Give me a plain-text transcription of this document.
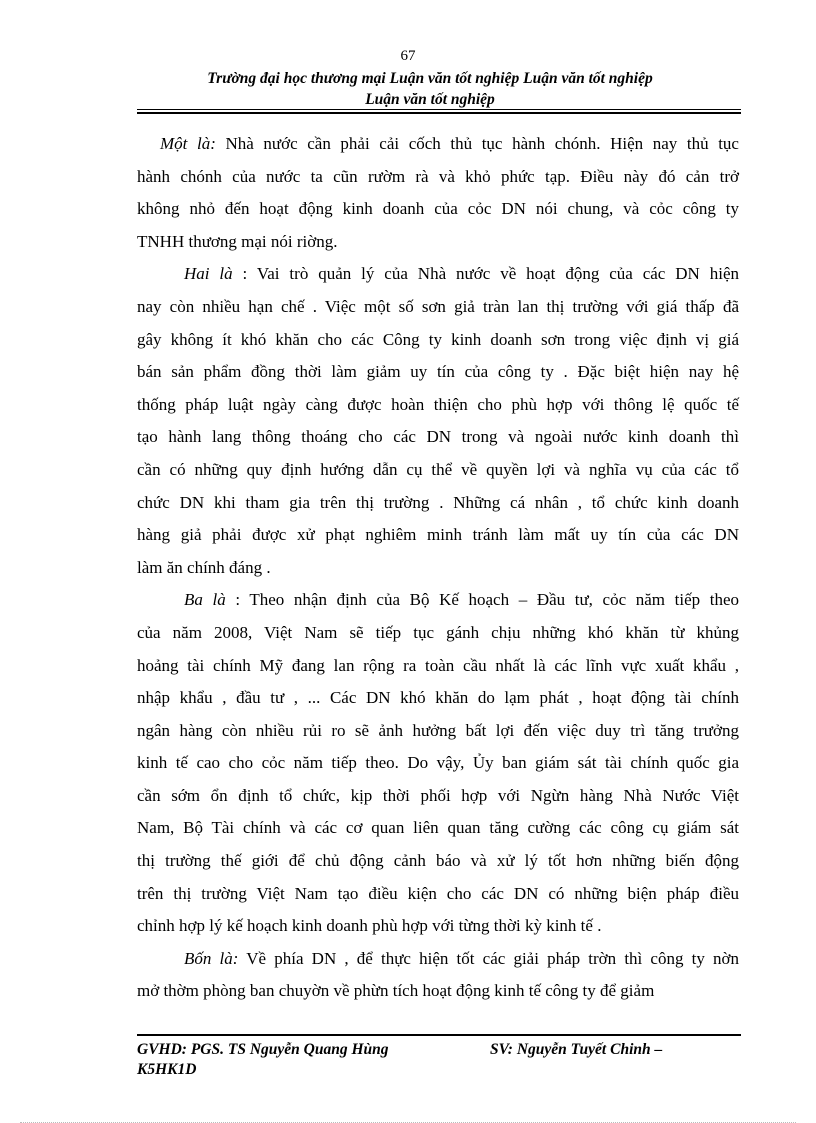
67
Trường đại học thương mại Luận văn tốt nghiệp Luận văn tốt nghiệp
Luận văn tốt nghiệp
Một là: Nhà nước cần phải cải cốch thủ tục hành chónh. Hiện nay thủ tục
hành chónh của nước ta cũn rườm rà và khỏ phức tạp. Điều này đó cản trở
không nhỏ đến hoạt động kinh doanh của cỏc DN nói chung, và cỏc công ty
TNHH thương mại nói riờng.
Hai là : Vai trò quản lý của Nhà nước về hoạt động của các DN hiện
nay còn nhiều hạn chế . Việc một số sơn giả tràn lan thị trường với giá thấp đã
gây không ít khó khăn cho các Công ty kinh doanh sơn trong việc định vị giá
bán sản phẩm đồng thời làm giảm uy tín của công ty . Đặc biệt hiện nay hệ
thống pháp luật ngày càng được hoàn thiện cho phù hợp với thông lệ quốc tế
tạo hành lang thông thoáng cho các DN trong và ngoài nước kinh doanh thì
cần có những quy định hướng dẫn cụ thể về quyền lợi và nghĩa vụ của các tổ
chức DN khi tham gia trên thị trường . Những cá nhân , tổ chức kinh doanh
hàng giả phải được xử phạt nghiêm minh tránh làm mất uy tín của các DN
làm ăn chính đáng .
Ba là : Theo nhận định của Bộ Kế hoạch – Đầu tư, cỏc năm tiếp theo
của năm 2008, Việt Nam sẽ tiếp tục gánh chịu những khó khăn từ khủng
hoảng tài chính Mỹ đang lan rộng ra toàn cầu nhất là các lĩnh vực xuất khẩu ,
nhập khẩu , đầu tư , ... Các DN khó khăn do lạm phát , hoạt động tài chính
ngân hàng còn nhiều rủi ro sẽ ảnh hưởng bất lợi đến việc duy trì tăng trưởng
kinh tế cao cho cỏc năm tiếp theo. Do vậy, Ủy ban giám sát tài chính quốc gia
cần sớm ổn định tổ chức, kịp thời phối hợp với Ngừn hàng Nhà Nước Việt
Nam, Bộ Tài chính và các cơ quan liên quan tăng cường các công cụ giám sát
thị trường thế giới để chủ động cảnh báo và xử lý tốt hơn những biến động
trên thị trường Việt Nam tạo điều kiện cho các DN có những biện pháp điều
chỉnh hợp lý kế hoạch kinh doanh phù hợp với từng thời kỳ kinh tế .
Bốn là: Về phía DN , để thực hiện tốt các giải pháp trờn thì công ty nờn
mở thờm phòng ban chuyờn về phừn tích hoạt động kinh tế công ty để giảm
GVHD: PGS. TS Nguyễn Quang Hùng	SV: Nguyễn Tuyết Chinh –
K5HK1D
